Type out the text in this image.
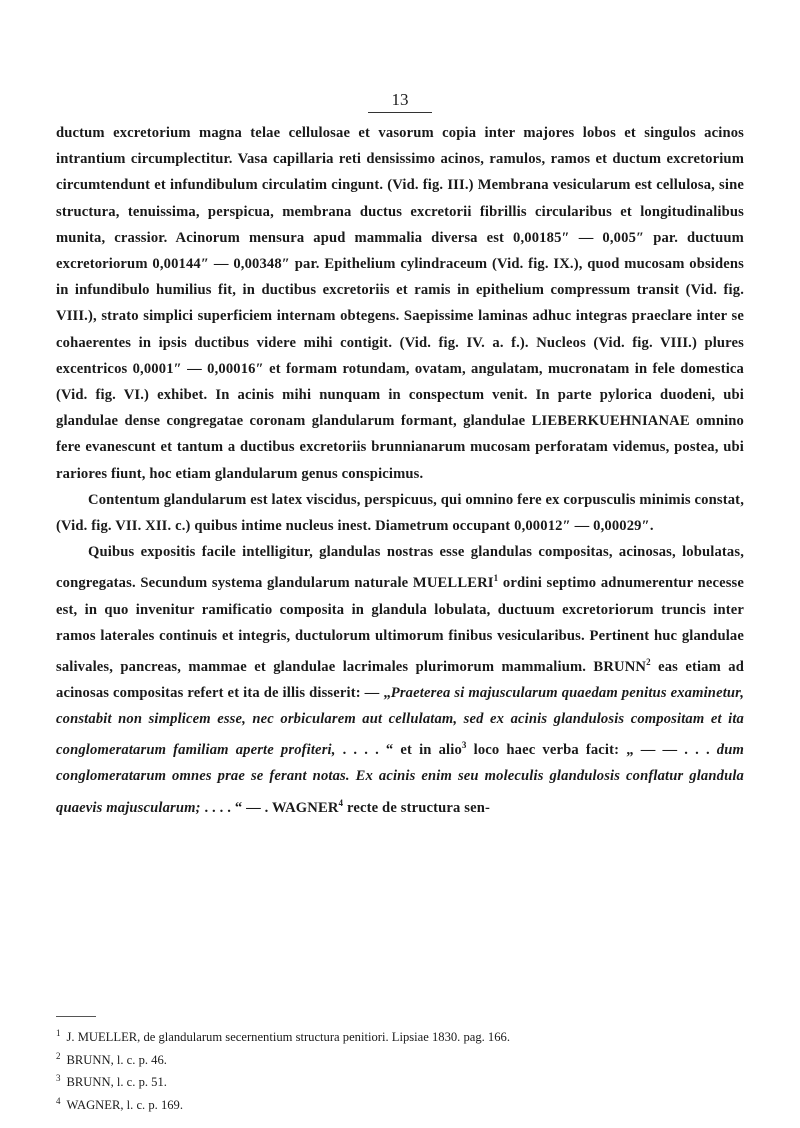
13

ductum excretorium magna telae cellulosae et vasorum copia inter majores lobos et singulos acinos intrantium circumplectitur. Vasa capillaria reti densissimo acinos, ramulos, ramos et ductum excretorium circumtendunt et infundibulum circulatim cingunt. (Vid. fig. III.) Membrana vesicularum est cellulosa, sine structura, tenuissima, perspicua, membrana ductus excretorii fibrillis circularibus et longitudinalibus munita, crassior. Acinorum mensura apud mammalia diversa est 0,00185″ — 0,005″ par. ductuum excretoriorum 0,00144″ — 0,00348″ par. Epithelium cylindraceum (Vid. fig. IX.), quod mucosam obsidens in infundibulo humilius fit, in ductibus excretoriis et ramis in epithelium compressum transit (Vid. fig. VIII.), strato simplici superficiem internam obtegens. Saepissime laminas adhuc integras praeclare inter se cohaerentes in ipsis ductibus videre mihi contigit. (Vid. fig. IV. a. f.). Nucleos (Vid. fig. VIII.) plures excentricos 0,0001″ — 0,00016″ et formam rotundam, ovatam, angulatam, mucronatam in fele domestica (Vid. fig. VI.) exhibet. In acinis mihi nunquam in conspectum venit. In parte pylorica duodeni, ubi glandulae dense congregatae coronam glandularum formant, glandulae LIEBERKUEHNIANAE omnino fere evanescunt et tantum a ductibus excretoriis brunnianarum mucosam perforatam videmus, postea, ubi rariores fiunt, hoc etiam glandularum genus conspicimus.

Contentum glandularum est latex viscidus, perspicuus, qui omnino fere ex corpusculis minimis constat, (Vid. fig. VII. XII. c.) quibus intime nucleus inest. Diametrum occupant 0,00012″ — 0,00029″.

Quibus expositis facile intelligitur, glandulas nostras esse glandulas compositas, acinosas, lobulatas, congregatas. Secundum systema glandularum naturale MUELLERI$^1$ ordini septimo adnumerentur necesse est, in quo invenitur ramificatio composita in glandula lobulata, ductuum excretoriorum truncis inter ramos laterales continuis et integris, ductulorum ultimorum finibus vesicularibus. Pertinent huc glandulae salivales, pancreas, mammae et glandulae lacrimales plurimorum mammalium. BRUNN$^2$ eas etiam ad acinosas compositas refert et ita de illis disserit: — „Praeterea si majuscularum quaedam penitus examinetur, constabit non simplicem esse, nec orbicularem aut cellulatam, sed ex acinis glandulosis compositam et ita conglomeratarum familiam aperte profiteri, . . . . “ et in alio$^3$ loco haec verba facit: „ — — . . . dum conglomeratarum omnes prae se ferant notas. Ex acinis enim seu moleculis glandulosis conflatur glandula quaevis majuscularum; . . . . “ — . WAGNER$^4$ recte de structura sen-

$^1$ J. MUELLER, de glandularum secernentium structura penitiori. Lipsiae 1830. pag. 166.
$^2$ BRUNN, l. c. p. 46.
$^3$ BRUNN, l. c. p. 51.
$^4$ WAGNER, l. c. p. 169.
